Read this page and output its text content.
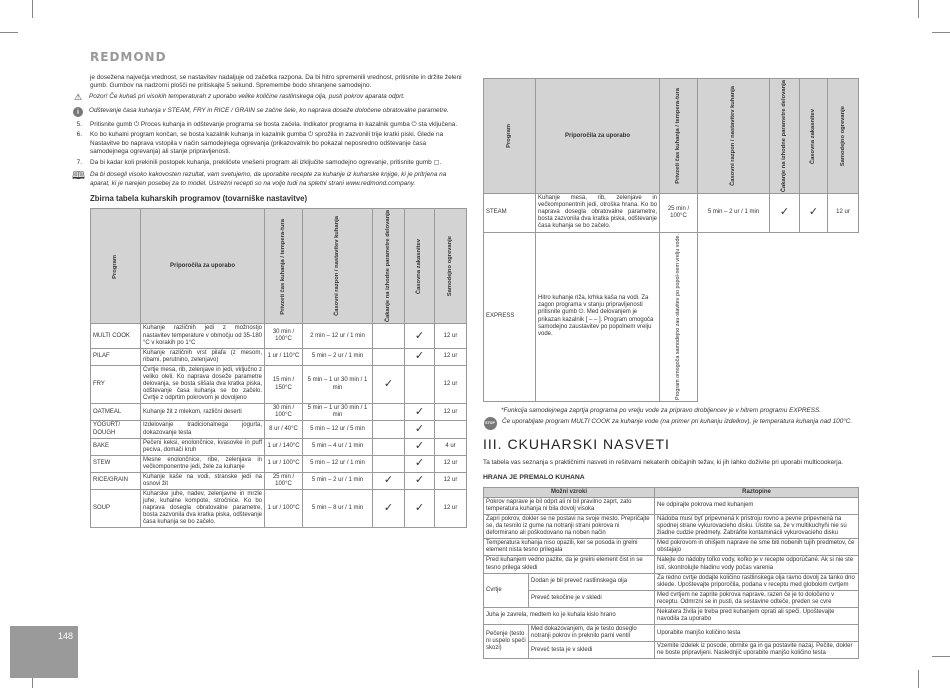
REDMOND
148

je dosežena največja vrednost, se nastavitev nadaljuje od začetka razpona. Da bi hitro spremenili vrednost, pritisnite in držite želeni gumb. Gumbov na nadzorni plošči ne pritiskajte 5 sekund. Spremembe bodo shranjene samodejno.

⚠	Pozor! Če kuhaš pri visokih temperaturah z uporabo velike količine rastlinskega olja, pusti pokrov aparata odprt.
i	Odštevanje časa kuhanja v STEAM, FRY in RICE / GRAIN se začne šele, ko naprava doseže določene obratovalne parametre.
5. Pritisnite gumb ⏻ Proces kuhanja in odštevanje programa se bosta začela. Indikator programa in kazalnik gumba ⏻ sta vključena.
6. Ko bo kuhalni program končan, se bosta kazalnik kuhanja in kazalnik gumba ⏻ sprožila in zazvonili trije kratki piski. Glede na Nastavitve bo naprava vstopila v način samodejnega ogrevanja (prikazovalnik bo pokazal neposredno odštevanje časa samodejnega ogrevanja) ali stanje pripravljenosti.
7. Da bi kadar koli prekinili postopek kuhanja, prekličete vnešeni program ali izključite samodejno ogrevanje, pritisnite gumb ▢.
🕮 Da bi dosegli visoko kakovosten rezultat, vam svetujemo, da uporabite recepte za kuhanje iz kuharske knjige, ki je pritrjena na aparat, ki je narejen posebej za to model. Ustrezni recepti so na voljo tudi na spletni strani www.redmond.company.
Zbirna tabela kuharskih programov (tovarniške nastavitve)
Program	Priporočila za uporabo	Privzeti čas kuhanja / tempera-tura	Časovni razpon / nastavitev kuhanja	Čakanje na izhodne parametre delovanja	Časovna zakasnitev	Samodejno ogrevanje

MULTI COOK	Kuhanje različnih jedi z možnostjo nastavitev temperature v območju od 35-180 °C v korakih po 1°C	30 min / 100°C	2 min – 12 ur / 1 min		✓	12 ur
PILAF	Kuhanje različnih vrst pilafa (z mesom, ribami, perutnino, zelenjavo)	1 ur / 110°C	5 min – 2 ur / 1 min		✓	12 ur
FRY	Cvrtje mesa, rib, zelenjave in jedi, vključno z veliko oleli. Ko naprava doseže parametre delovanja, se bosta slišala dva kratka piska, odštevanje časa kuhanja se bo začelo. Cvrtje z odprtim pokrovom je dovoljeno	15 min / 150°C	5 min – 1 ur 30 min / 1 min	✓		12 ur
OATMEAL	Kuhanje žit z mlekom, različni deserti	30 min / 100°C	5 min – 1 ur 30 min / 1 min		✓	12 ur
YOGURT/ DOUGH	Izdelovanje tradicionalnega jogurta, dokazovanje testa	8 ur / 40°C	5 min – 12 ur / 5 min		✓	
BAKE	Pečeni keksi, enolončnice, kvasovke in puff peciva, domači kruh	1 ur / 140°C	5 min – 4 ur / 1 min		✓	4 ur
STEW	Mesne enolončnice, ribe, zelenjava in večkomponentne jedi, žele za kuhanje	1 ur / 100°C	5 min – 12 ur / 1 min		✓	12 ur
RICE/GRAIN	Kuhanje kaše na vodi, stranske jedi na osnovi žit	25 min / 100°C	5 min – 2 ur / 1 min	✓	✓	12 ur
SOUP	Kuharske juhe, nadev, zelenjavne in mrzle juhe, kuhalne kompote, stročnice. Ko bo naprava dosegla obratovalne parametre, bosta zazvonila dva kratka piska, odštevanje časa kuhanja se bo začelo.	1 ur / 100°C	5 min – 8 ur / 1 min	✓	✓	12 ur
Program	Priporočila za uporabo	Privzeti čas kuhanja / tempera-tura	Časovni razpon / nastavitev kuhanja	Čakanje na izhodne parametre delovanja	Časovna zakasnitev	Samodejno ogrevanje

STEAM	Kuhanje mesa, rib, zelenjave in večkomponentnih jedi, otroška hrana. Ko bo naprava dosegla obratovalne parametre, bosta zazvonila dva kratka piska, odštevanje časa kuhanja se bo začelo.	25 min / 100°C	5 min – 2 ur / 1 min	✓	✓	12 ur
EXPRESS	Hitro kuhanje riža, krhka kaša na vodi. Za zagon programa v stanju pripravljenosti pritisnite gumb ⏻. Med delovanjem je prikazan kazalnik [ – – ]. Program omogoča samodejno zaustavitev po popolnem vrelju vode.	Program omogoča samodejno zau-stavitev po popol-nem vrelju vode.				

*Funkcija samodejnega zaprtja programa po vrelju vode za pripravo drobljencev je v hitrem programu EXPRESS.

STOP Če uporabljate program MULTI COOK za kuhanje vode (na primer pri kuhanju izdelkov), je temperatura kuhanja nad 100°C.
III. CKUHARSKI NASVETI

Ta tabela vas seznanja s praktičnimi nasveti in rešitvami nekaterih običajnih težav, ki jih lahko doživite pri uporabi multicookerja.

HRANA JE PREMALO KUHANA
Možni vzroki		Raztopine
Pokrov naprave je bil odprt ali ni bil pravilno zaprt, zato temperatura kuhanja ni bila dovolj visoka		Ne odpirajte pokrova med kuhanjem
Zapri pokrov, dokler se ne postavi na svoje mesto. Prepričajte se, da tesnilo iz gume na notranji strani pokrova ni deformirano ali poškodovano na noben način		Nádoba musí byť pripevnená k pristroju rovno a pevne pripevnená na spodnej strane vykurovacieho disku. Uistite sa, že v multikuchyňi nie sú žiadne cudzie predmety. Zabráňte kontaminácii vykurovacieho disku
Temperatura kuhanja niso opazili, ker se posoda in grelni element nista tesno prilegala		Med pokrovom in ohišjem naprave ne sme biti nobenih tujih predmetov, če obstajajo
Pred kuhanjem vedno pazite, da je grelni element čist in se tesno prilega skledi		Nalejte do nádoby toľko vody, koľko je v recepte odporúčané. Ak si nie ste istí, skontrolujte hladinu vody počas varenia
Cvrtje	Dodan je bil preveč rastlinskega olja	Za redno cvrtje dodajte količino rastlinskega olja ravno dovolj za tanko dno sklede. Upoštevajte priporočila, podana v receptu med globokim cvrtjem
	Preveč tekočine je v skledi	Med cvrtjem ne zaprite pokrova naprave, razen če je to določeno v receptu. Odmrzni se in pusti, da sestavine odteče, preden se cvre
Juha je zavrela, medtem ko je kuhala kislo hrano		Nekatera živila je treba pred kuhanjem oprati ali speči. Upoštevajte navodila za uporabo
Pečenje (testo ni uspelo speči skozi)	Med dokazovanjem, da je testo doseglo notranji pokrov in preknilo parni ventil	Uporabite manjšo količino testa
	Preveč testa je v skledi	Vzemite izdelek iz posode, obrnite ga in ga postavite nazaj. Pečite, dokler ne boste pripravljeni. Naslednjič uporabite manjšo količino testa
